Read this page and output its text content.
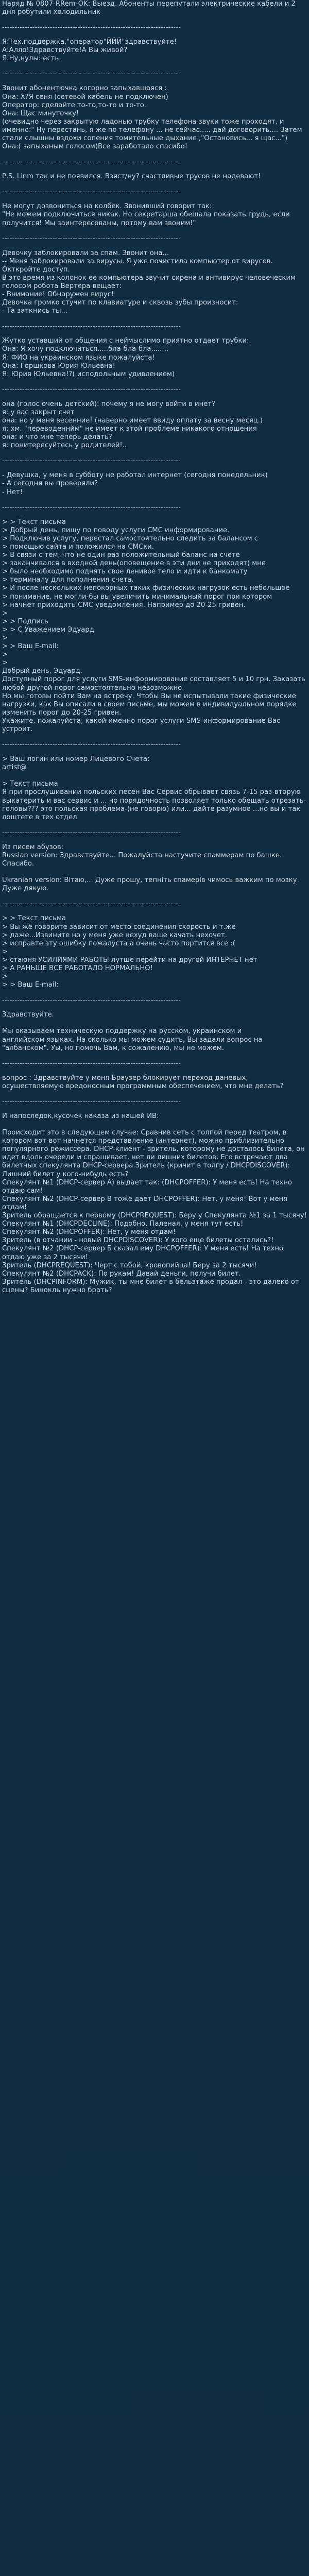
Наряд № 0807-RRem-OK: Выезд. Абоненты перепутали электрические кабели и 2 дня робутили холодильник
-----------------------------------------------------------------------
Я:Тех.поддержка,"оператор"ЙЙЙ"здравствуйте!
А:Алло!Здравствуйте!А Вы живой?
Я:Ну,нулы: есть.
-----------------------------------------------------------------------
Звонит абонентючка когорно запыхавшаяся :
Она: Х?Я сеня (сетевой кабель не подключен)
Оператор: сделайте то-то,то-то и то-то.
Она: Щас минуточку!
(очевидно через закрытую ладонью трубку телефона звуки тоже проходят, и именно:" Ну перестань, я же по телефону ... не сейчас..... дай договорить.... Затем стали слышны вздохи сопения томительные дыхание ,"Остановись... я щас...")
Она:( запыханым голосом)Все заработало спасибо!
-----------------------------------------------------------------------
Р.S. Linm так и не появился. Взяст/ну? счастливые трусов не надевают!
-----------------------------------------------------------------------
Не могут дозвониться на колбек. Звонивший говорит так:
"Не можем подключиться никак. Но секретарша обещала показать грудь, если получится! Мы заинтересованы, потому вам звоним!"
-----------------------------------------------------------------------
Девочку заблокировали за спам. Звонит она...
-- Меня заблокировали за вирусы. Я уже почистила компьютер от вирусов. Окткройте доступ.
В это время из колонок ее компьютера звучит сирена и антивирус человеческим голосом робота Вертера вещает:
- Внимание! Обнаружен вирус!
Девочка громко стучит по клавиатуре и сквозь зубы произносит:
- Та заткнись ты...
-----------------------------------------------------------------------
Жутко уставший от общения с неймыслимо приятно отдает трубки:
Она: Я хочу подключиться.....бла-бла-бла........
Я: ФИО на украинском языке пожалуйста!
Она: Горшкова Юрия Юльевна!
Я: Юрия Юльевна!?( исподольным удивлением)
-----------------------------------------------------------------------
она (голос очень детский): почему я не могу войти в инет?
я: у вас закрыт счет
она: но у меня весенние! (наверно имеет ввиду оплату за весну месяц.)
я: хм. "переводеннйм" не имеет к этой проблеме никакого отношения
она: и что мне теперь делать?
я: понитересуйтесь у родителей!..
-----------------------------------------------------------------------
- Девушка, у меня в субботу не работал интернет (сегодня понедельник)
- А сегодня вы проверяли?
- Нет!
-----------------------------------------------------------------------
> > Текст письма
> Добрый день, пишу по поводу услуги СМС информирование.
> Подключив услугу, перестал самостоятельно следить за балансом с
> помощью сайта и положился на СМСки.
> В связи с тем, что не один раз положительный баланс на счете
> заканчивался в входной день(оповещение в эти дни не приходят) мне
> было необходимо поднять свое ленивое тело и идти к банкомату
> терминалу для пополнения счета.
> И после нескольких непокорных таких физических нагрузок есть небольшое
> понимание, не могли-бы вы увеличить минимальный порог при котором
> начнет приходить СМС уведомления. Например до 20-25 гривен.
>
> > Подпись
> > С Уважением Эдуард
>
> > Ваш E-mail:
>
>
Добрый день, Эдуард.
Доступный порог для услуги SMS-информирование составляет 5 и 10 грн. Заказать любой другой порог самостоятельно невозможно.
Но мы готовы пойти Вам на встречу. Чтобы Вы не испытывали такие физические нагрузки, как Вы описали в своем письме, мы можем в индивидуальном порядке изменить порог до 20-25 гривен.
Укажите, пожалуйста, какой именно порог услуги SMS-информирование Вас устроит.
-----------------------------------------------------------------------
> Ваш логин или номер Лицевого Счета:
artist@

> Текст письма
Я при прослушивании польских песен Вас Сервис обрывает связь 7-15 раз-вторую выкатерить и вас сервис и ... но порядочность позволяет только обещать отрезать-головы??? это польская проблема-(не говорю) или... дайте разумное ...но вы и так лоштете в тех отдел
-----------------------------------------------------------------------
Из писем абузов:
Russian version: Здравствуйте... Пожалуйста настучите спаммерам по башке. Спасибо.

Ukranian version: Вітаю,... Дуже прошу, тепніть спамерів чимось важким по мозку. Дуже дякую.
-----------------------------------------------------------------------
> > Текст письма
> Вы же говорите зависит от место соединения скорость и т.же
> даже...Извините но у меня уже нехуд ваше качать нехочет.
> исправте эту ошибку пожалуста а очень часто портится все :(
>
> стаюня УСИЛИЯМИ РАБОТЫ лутше перейти на другой ИНТЕРНЕТ нет
> А РАНЬШЕ ВСЕ РАБОТАЛО НОРМАЛЬНО!
>
> > Ваш E-mail:
-----------------------------------------------------------------------
Здравствуйте.

Мы оказываем техническую поддержку на русском, украинском и
английском языках. На сколько мы можем судить, Вы задали вопрос на
"албанском". Уы, но помочь Вам, к сожалению, мы не можем.
-----------------------------------------------------------------------
вопрос : Здравствуйте у меня Браузер блокирует переход даневых, осуществляемую вредоносным программным обеспечением, что мне делать?
-----------------------------------------------------------------------
И напоследок,кусочек наказа из нашей ИВ:

Происходит это в следующем случае: Сравнив сеть с толпой перед театром, в котором вот-вот начнется представление (интернет), можно приблизительно популярного режиссера. DHCP-клиент - зритель, которому не досталось билета, он идет вдоль очереди и спрашивает, нет ли лишних билетов. Его встречают два билетных спекулянта DHCP-сервера.Зритель (кричит в толпу / DHCPDISCOVER): Лишний билет у кого-нибудь есть?
Спекулянт №1 (DHCP-сервер А) выдает так: (DHCPOFFER): У меня есть! На техно отдаю сам!
Спекулянт №2 (DHCP-сервер В тоже дает DHCPOFFER): Нет, у меня! Вот у меня отдам!
Зритель обращается к первому (DHCPREQUEST): Беру у Спекулянта №1 за 1 тысячу!
Спекулянт №1 (DHCPDECLINE): Подобно, Паленая, у меня тут есть!
Спекулянт №2 (DHCPOFFER): Нет, у меня отдам!
Зритель (в отчании - новый DHCPDISCOVER): У кого еще билеты остались?!
Спекулянт №2 (DHCP-сервер Б сказал ему DHCPOFFER): У меня есть! На техно отдаю уже за 2 тысячи!
Зритель (DHCPREQUEST): Черт с тобой, кровопийца! Беру за 2 тысячи!
Спекулянт №2 (DHCPACK): По рукам! Давай деньги, получи билет.
Зритель (DHCPINFORM): Мужик, ты мне билет в бельэтаже продал - это далеко от сцены? Бинокль нужно брать?
